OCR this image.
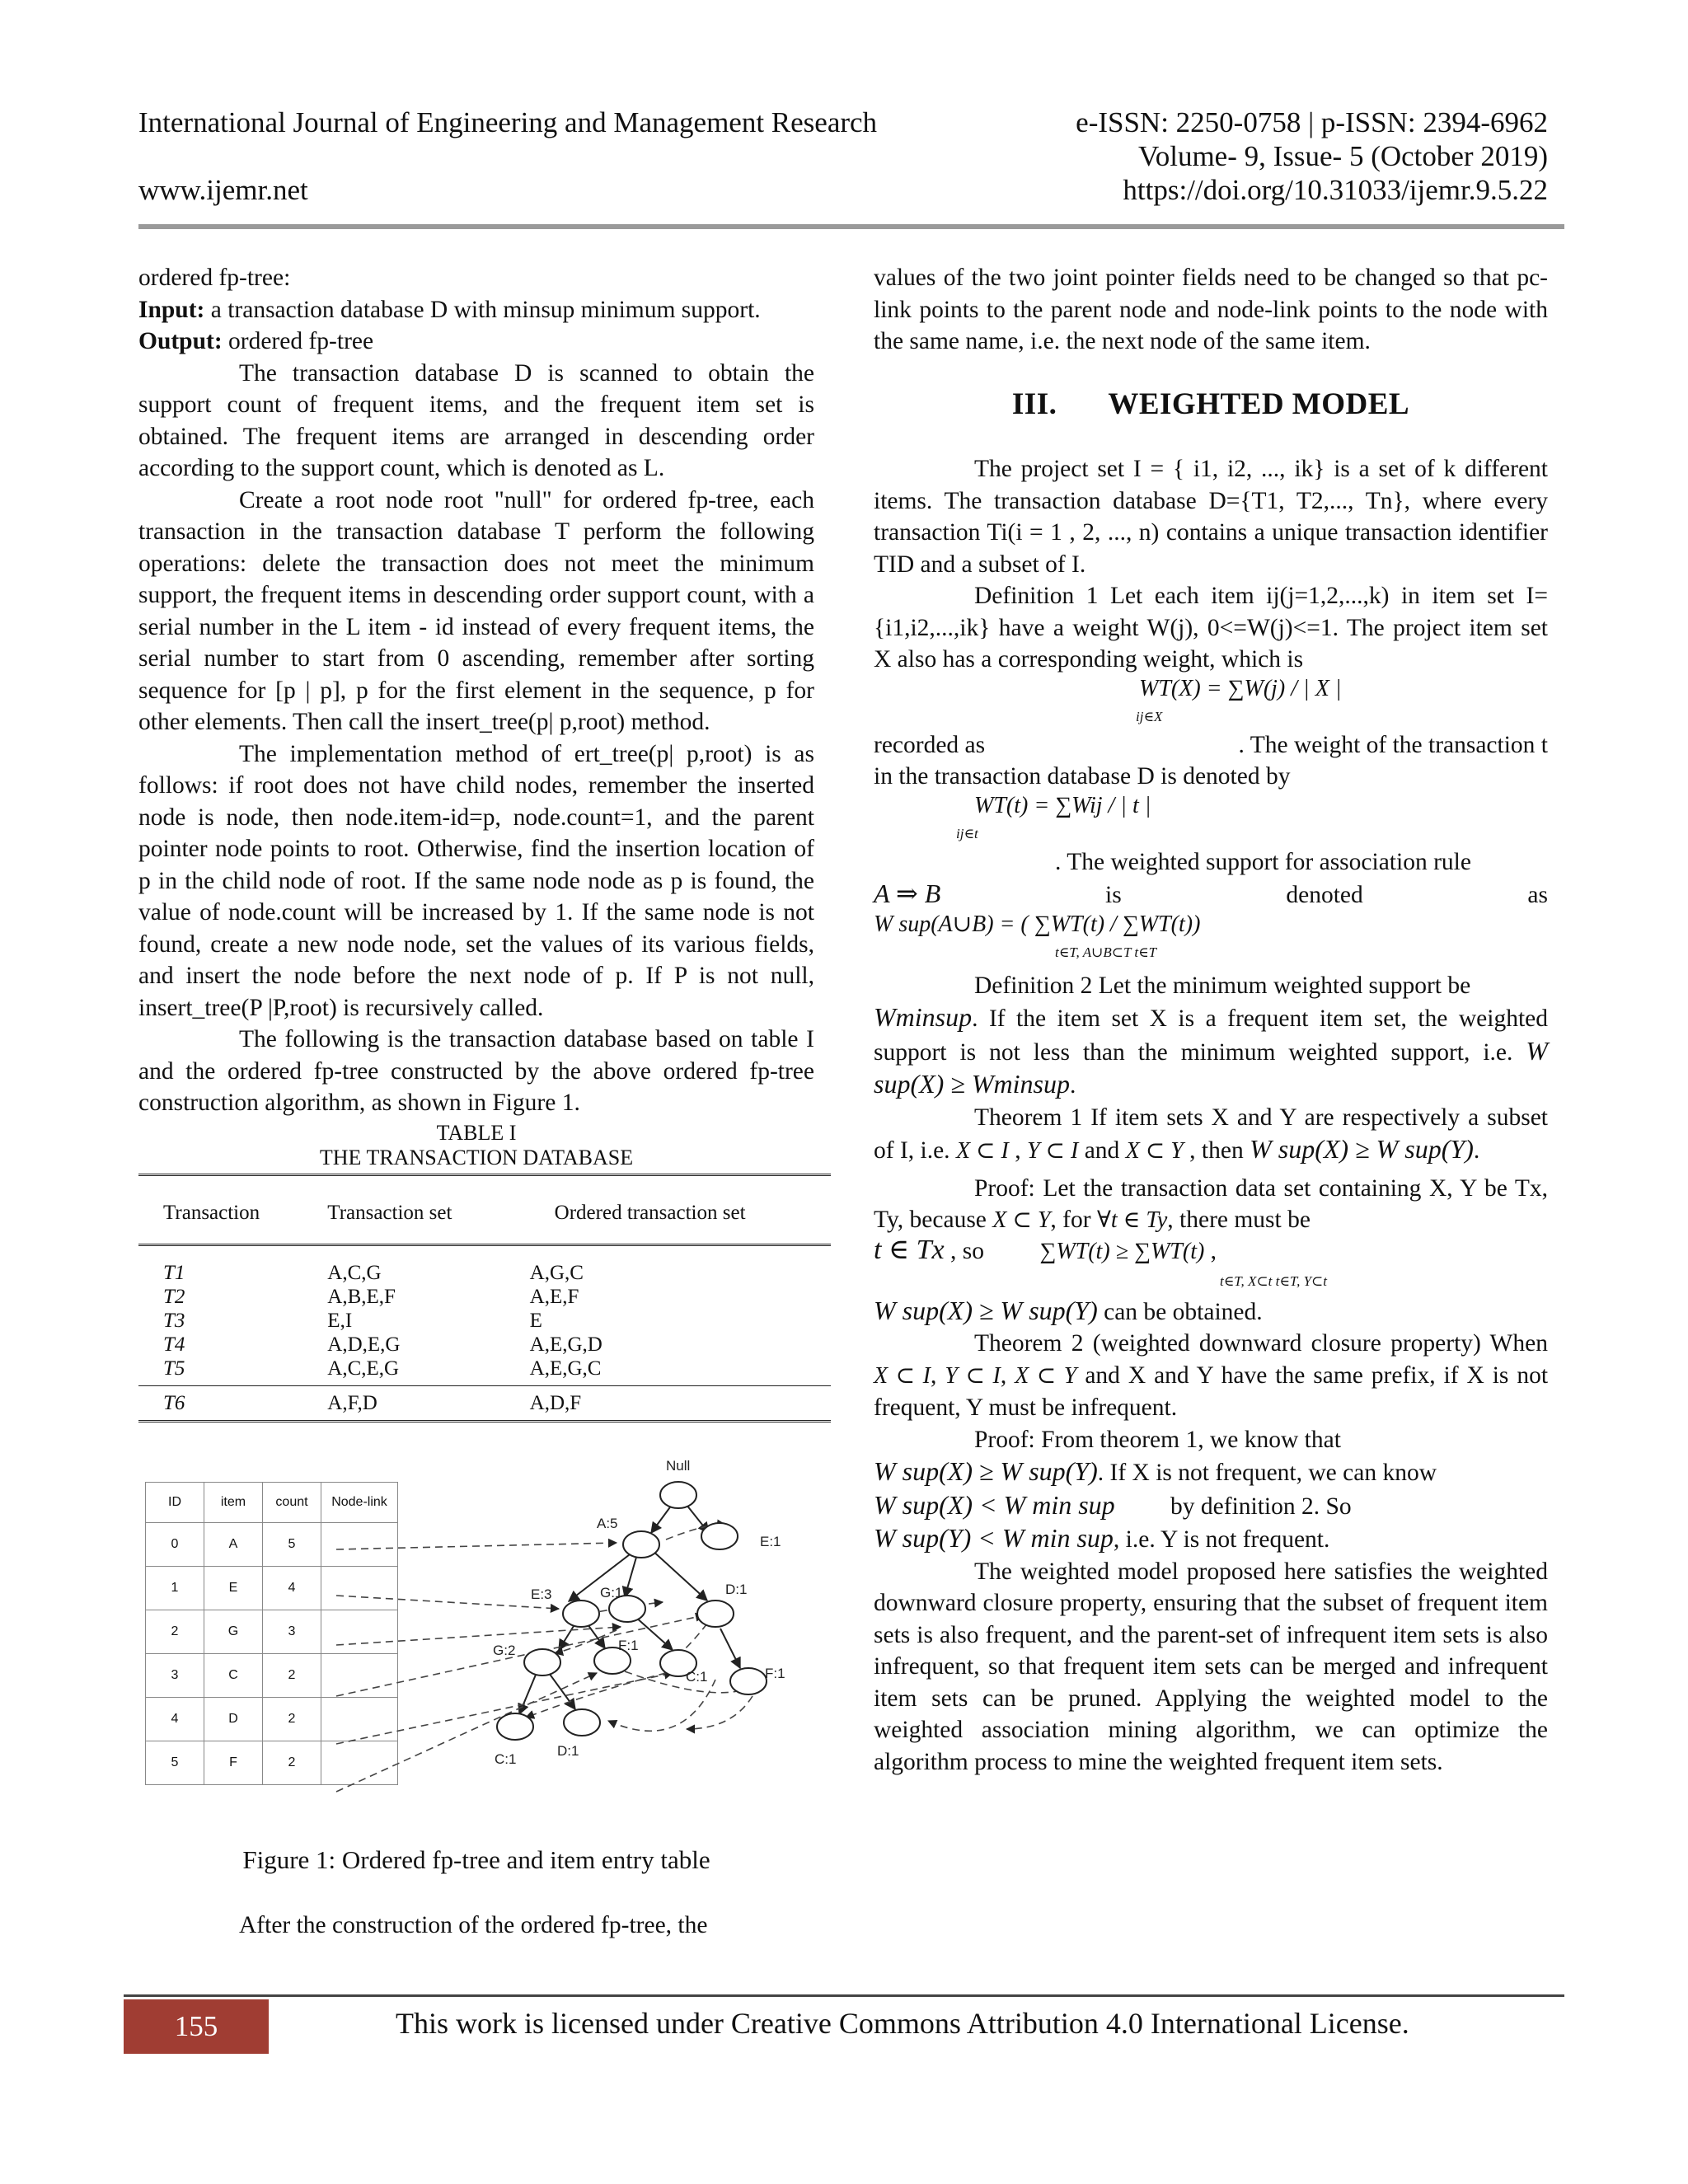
International Journal of Engineering and Management Research	e-ISSN: 2250-0758 | p-ISSN: 2394-6962
Volume- 9, Issue- 5 (October 2019)
www.ijemr.net	https://doi.org/10.31033/ijemr.9.5.22

ordered fp-tree:

Input: a transaction database D with minsup minimum support.

Output: ordered fp-tree

The transaction database D is scanned to obtain the support count of frequent items, and the frequent item set is obtained. The frequent items are arranged in descending order according to the support count, which is denoted as L.

Create a root node root "null" for ordered fp-tree, each transaction in the transaction database T perform the following operations: delete the transaction does not meet the minimum support, the frequent items in descending order support count, with a serial number in the L item - id instead of every frequent items, the serial number to start from 0 ascending, remember after sorting sequence for [p | p], p for the first element in the sequence, p for other elements. Then call the insert_tree(p| p,root) method.

The implementation method of ert_tree(p| p,root) is as follows: if root does not have child nodes, remember the inserted node is node, then node.item-id=p, node.count=1, and the parent pointer node points to root. Otherwise, find the insertion location of p in the child node of root. If the same node node as p is found, the value of node.count will be increased by 1. If the same node is not found, create a new node node, set the values of its various fields, and insert the node before the next node of p. If P is not null, insert_tree(P |P,root) is recursively called.

The following is the transaction database based on table I and the ordered fp-tree constructed by the above ordered fp-tree construction algorithm, as shown in Figure 1.

TABLE I
THE TRANSACTION DATABASE
Transaction	Transaction set	Ordered transaction set
T1	A,C,G	A,G,C
T2	A,B,E,F	A,E,F
T3	E,I	E
T4	A,D,E,G	A,E,G,D
T5	A,C,E,G	A,E,G,C
T6	A,F,D	A,D,F
ID	item	count	Node-link
0	A	5	
1	E	4	
2	G	3	
3	C	2	
4	D	2	
5	F	2	
Null
A:5
E:1
E:3	G:1	D:1
G:2	F:1
C:1	F:1
C:1
D:1
Figure 1: Ordered fp-tree and item entry table

After the construction of the ordered fp-tree, the

values of the two joint pointer fields need to be changed so that pc-link points to the parent node and node-link points to the node with the same name, i.e. the next node of the same item.

III. WEIGHTED MODEL

The project set I = { i1, i2, ..., ik} is a set of k different items. The transaction database D={T1, T2,..., Tn}, where every transaction Ti(i = 1 , 2, ..., n) contains a unique transaction identifier TID and a subset of I.

Definition 1 Let each item ij(j=1,2,...,k) in item set I={i1,i2,...,ik} have a weight W(j), 0<=W(j)<=1. The project item set X also has a corresponding weight, which is
WT(X) = ∑W(j) / | X |
ij∈X
recorded as	. The weight of the transaction t in the transaction database D is denoted by
WT(t) = ∑Wij / | t |
ij∈t
. The weighted support for association rule

A ⇒ B	is	denoted	as

W sup(A∪B) = ( ∑WT(t) / ∑WT(t))
t∈T, A∪B⊂T t∈T

Definition 2 Let the minimum weighted support be

Wminsup. If the item set X is a frequent item set, the weighted support is not less than the minimum weighted support, i.e. W sup(X) ≥ Wminsup.

Theorem 1 If item sets X and Y are respectively a subset of I, i.e. X ⊂ I , Y ⊂ I and X ⊂ Y , then W sup(X) ≥ W sup(Y).

Proof: Let the transaction data set containing X, Y be Tx, Ty, because X ⊂ Y, for ∀t ∈ Ty, there must be

t ∈ Tx , so ∑WT(t) ≥ ∑WT(t) ,
t∈T, X⊂t t∈T, Y⊂t

W sup(X) ≥ W sup(Y) can be obtained.

Theorem 2 (weighted downward closure property) When X ⊂ I, Y ⊂ I, X ⊂ Y and X and Y have the same prefix, if X is not frequent, Y must be infrequent.

Proof: From theorem 1, we know that

W sup(X) ≥ W sup(Y). If X is not frequent, we can know

W sup(X) < W min sup by definition 2. So

W sup(Y) < W min sup, i.e. Y is not frequent.

The weighted model proposed here satisfies the weighted downward closure property, ensuring that the subset of frequent item sets is also frequent, and the parent-set of infrequent item sets is also infrequent, so that frequent item sets can be merged and infrequent item sets can be pruned. Applying the weighted model to the weighted association mining algorithm, we can optimize the algorithm process to mine the weighted frequent item sets.

155	This work is licensed under Creative Commons Attribution 4.0 International License.
